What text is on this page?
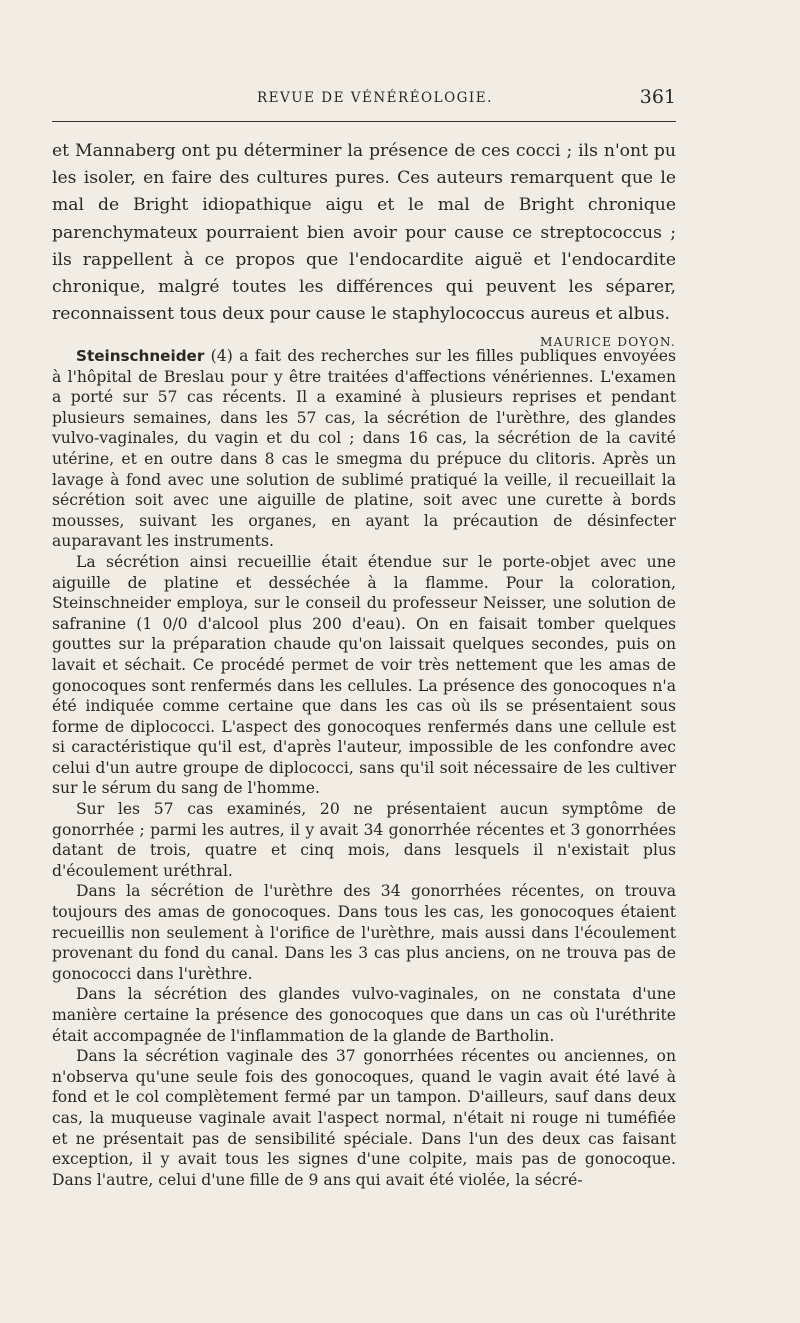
REVUE DE VÉNÉRÉOLOGIE.	361
et Mannaberg ont pu déterminer la présence de ces cocci ; ils n'ont pu les isoler, en faire des cultures pures. Ces auteurs remarquent que le mal de Bright idiopathique aigu et le mal de Bright chronique parenchymateux pourraient bien avoir pour cause ce streptococcus ; ils rappellent à ce propos que l'endocardite aiguë et l'endocardite chronique, malgré toutes les différences qui peuvent les séparer, reconnaissent tous deux pour cause le staphylococcus aureus et albus.
MAURICE DOYON.

Steinschneider (4) a fait des recherches sur les filles publiques envoyées à l'hôpital de Breslau pour y être traitées d'affections vénériennes. L'examen a porté sur 57 cas récents. Il a examiné à plusieurs reprises et pendant plusieurs semaines, dans les 57 cas, la sécrétion de l'urèthre, des glandes vulvo-vaginales, du vagin et du col ; dans 16 cas, la sécrétion de la cavité utérine, et en outre dans 8 cas le smegma du prépuce du clitoris. Après un lavage à fond avec une solution de sublimé pratiqué la veille, il recueillait la sécrétion soit avec une aiguille de platine, soit avec une curette à bords mousses, suivant les organes, en ayant la précaution de désinfecter auparavant les instruments.

La sécrétion ainsi recueillie était étendue sur le porte-objet avec une aiguille de platine et desséchée à la flamme. Pour la coloration, Steinschneider employa, sur le conseil du professeur Neisser, une solution de safranine (1 0/0 d'alcool plus 200 d'eau). On en faisait tomber quelques gouttes sur la préparation chaude qu'on laissait quelques secondes, puis on lavait et séchait. Ce procédé permet de voir très nettement que les amas de gonocoques sont renfermés dans les cellules. La présence des gonocoques n'a été indiquée comme certaine que dans les cas où ils se présentaient sous forme de diplococci. L'aspect des gonocoques renfermés dans une cellule est si caractéristique qu'il est, d'après l'auteur, impossible de les confondre avec celui d'un autre groupe de diplococci, sans qu'il soit nécessaire de les cultiver sur le sérum du sang de l'homme.

Sur les 57 cas examinés, 20 ne présentaient aucun symptôme de gonorrhée ; parmi les autres, il y avait 34 gonorrhée récentes et 3 gonorrhées datant de trois, quatre et cinq mois, dans lesquels il n'existait plus d'écoulement uréthral.

Dans la sécrétion de l'urèthre des 34 gonorrhées récentes, on trouva toujours des amas de gonocoques. Dans tous les cas, les gonocoques étaient recueillis non seulement à l'orifice de l'urèthre, mais aussi dans l'écoulement provenant du fond du canal. Dans les 3 cas plus anciens, on ne trouva pas de gonococci dans l'urèthre.

Dans la sécrétion des glandes vulvo-vaginales, on ne constata d'une manière certaine la présence des gonocoques que dans un cas où l'uréthrite était accompagnée de l'inflammation de la glande de Bartholin.

Dans la sécrétion vaginale des 37 gonorrhées récentes ou anciennes, on n'observa qu'une seule fois des gonocoques, quand le vagin avait été lavé à fond et le col complètement fermé par un tampon. D'ailleurs, sauf dans deux cas, la muqueuse vaginale avait l'aspect normal, n'était ni rouge ni tuméfiée et ne présentait pas de sensibilité spéciale. Dans l'un des deux cas faisant exception, il y avait tous les signes d'une colpite, mais pas de gonocoque. Dans l'autre, celui d'une fille de 9 ans qui avait été violée, la sécré-
